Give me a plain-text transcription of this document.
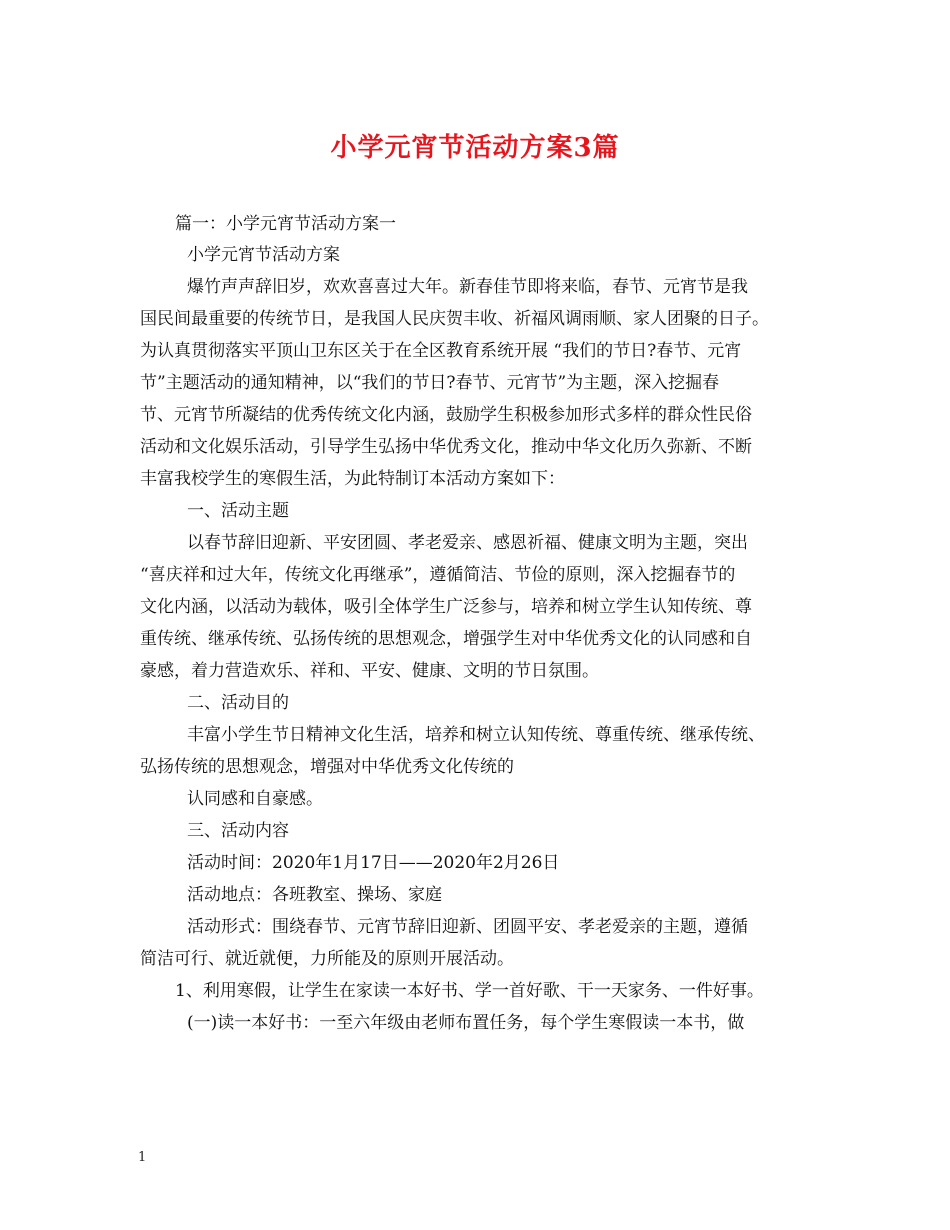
小学元宵节活动方案3篇
篇一：小学元宵节活动方案一
小学元宵节活动方案
爆竹声声辞旧岁，欢欢喜喜过大年。新春佳节即将来临，春节、元宵节是我
国民间最重要的传统节日，是我国人民庆贺丰收、祈福风调雨顺、家人团聚的日子。
为认真贯彻落实平顶山卫东区关于在全区教育系统开展 “我们的节日?春节、元宵
节”主题活动的通知精神，以“我们的节日?春节、元宵节”为主题，深入挖掘春
节、元宵节所凝结的优秀传统文化内涵，鼓励学生积极参加形式多样的群众性民俗
活动和文化娱乐活动，引导学生弘扬中华优秀文化，推动中华文化历久弥新、不断
丰富我校学生的寒假生活，为此特制订本活动方案如下：
一、活动主题
以春节辞旧迎新、平安团圆、孝老爱亲、感恩祈福、健康文明为主题，突出
“喜庆祥和过大年，传统文化再继承”，遵循简洁、节俭的原则，深入挖掘春节的
文化内涵，以活动为载体，吸引全体学生广泛参与，培养和树立学生认知传统、尊
重传统、继承传统、弘扬传统的思想观念，增强学生对中华优秀文化的认同感和自
豪感，着力营造欢乐、祥和、平安、健康、文明的节日氛围。
二、活动目的
丰富小学生节日精神文化生活，培养和树立认知传统、尊重传统、继承传统、
弘扬传统的思想观念，增强对中华优秀文化传统的
认同感和自豪感。
三、活动内容
活动时间：2020年1月17日——2020年2月26日
活动地点：各班教室、操场、家庭
活动形式：围绕春节、元宵节辞旧迎新、团圆平安、孝老爱亲的主题，遵循
简洁可行、就近就便，力所能及的原则开展活动。
1、利用寒假，让学生在家读一本好书、学一首好歌、干一天家务、一件好事。
(一)读一本好书：一至六年级由老师布置任务，每个学生寒假读一本书，做
1
